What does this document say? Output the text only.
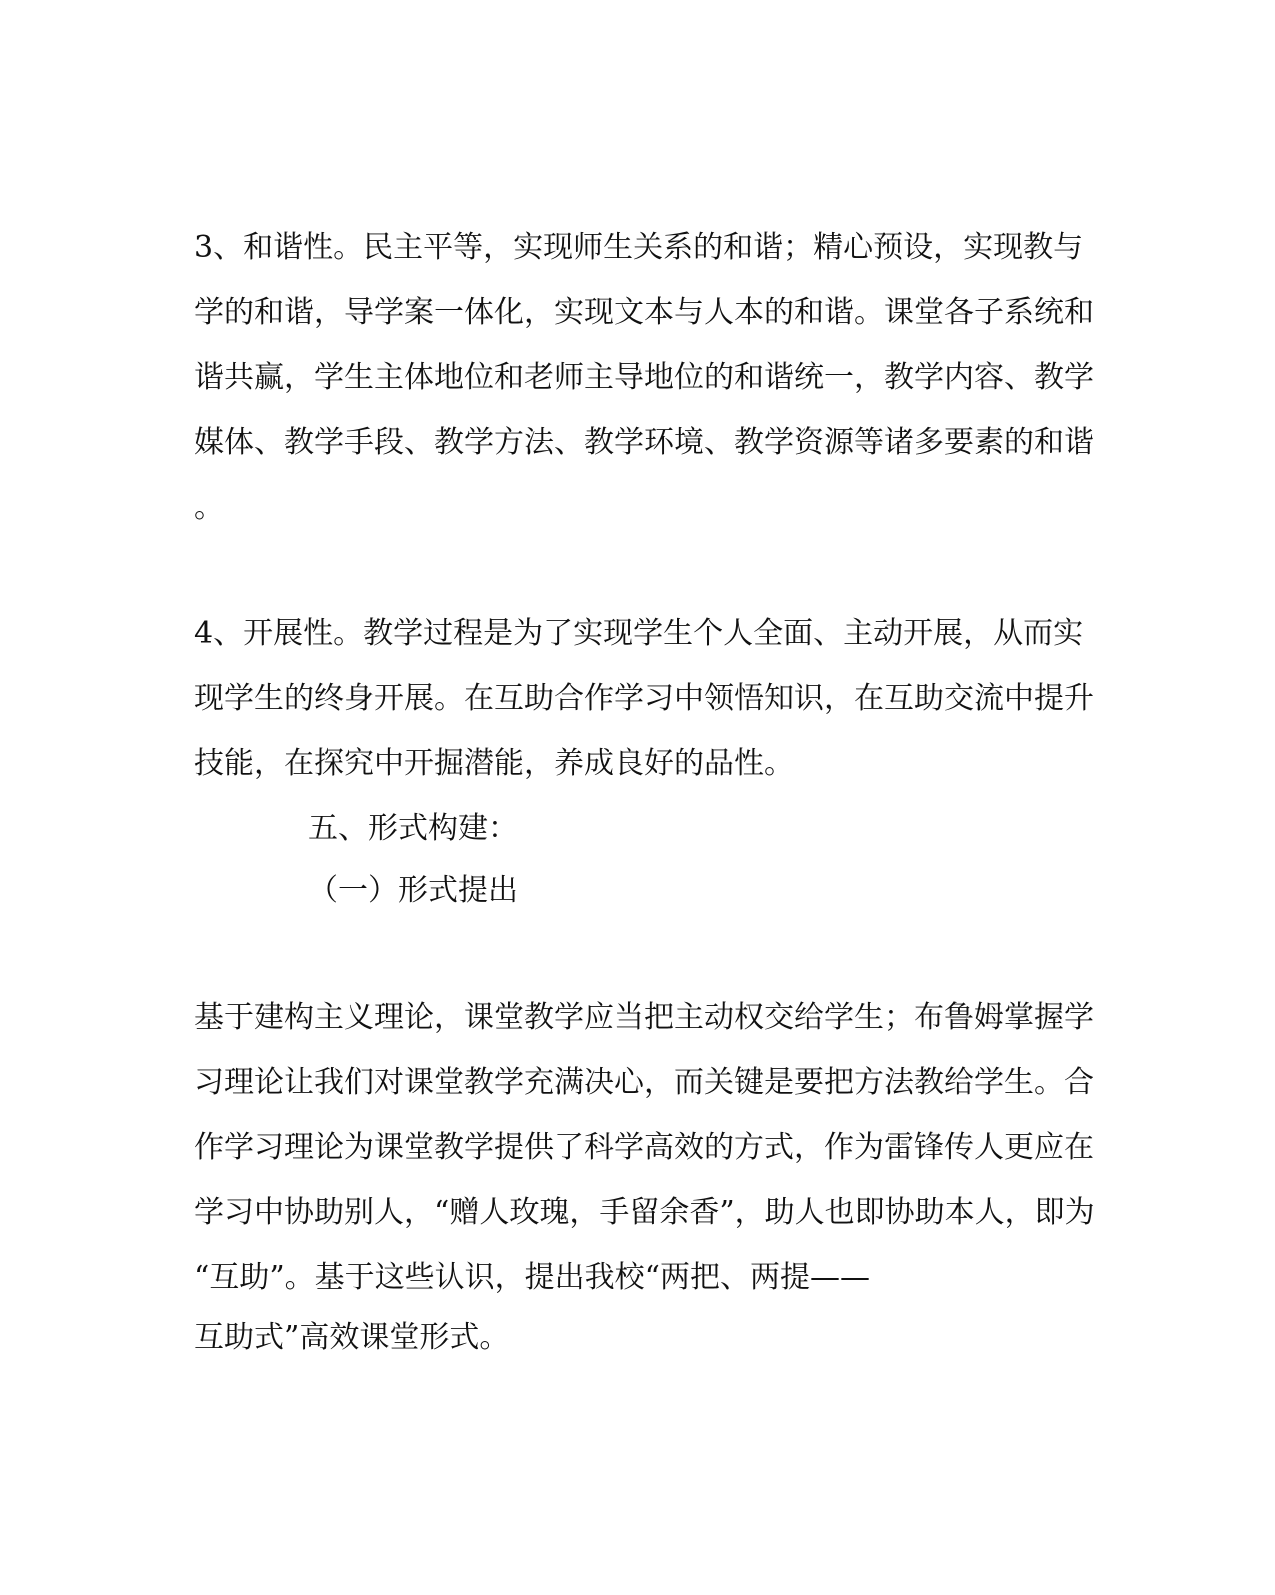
3、和谐性。民主平等，实现师生关系的和谐；精心预设，实现教与

学的和谐，导学案一体化，实现文本与人本的和谐。课堂各子系统和

谐共赢，学生主体地位和老师主导地位的和谐统一，教学内容、教学

媒体、教学手段、教学方法、教学环境、教学资源等诸多要素的和谐

。

4、开展性。教学过程是为了实现学生个人全面、主动开展，从而实

现学生的终身开展。在互助合作学习中领悟知识，在互助交流中提升

技能，在探究中开掘潜能，养成良好的品性。

五、形式构建：

（一）形式提出

基于建构主义理论，课堂教学应当把主动权交给学生；布鲁姆掌握学

习理论让我们对课堂教学充满决心，而关键是要把方法教给学生。合

作学习理论为课堂教学提供了科学高效的方式，作为雷锋传人更应在

学习中协助别人，“赠人玫瑰，手留余香”，助人也即协助本人，即为

“互助”。基于这些认识，提出我校“两把、两提——

互助式”高效课堂形式。
